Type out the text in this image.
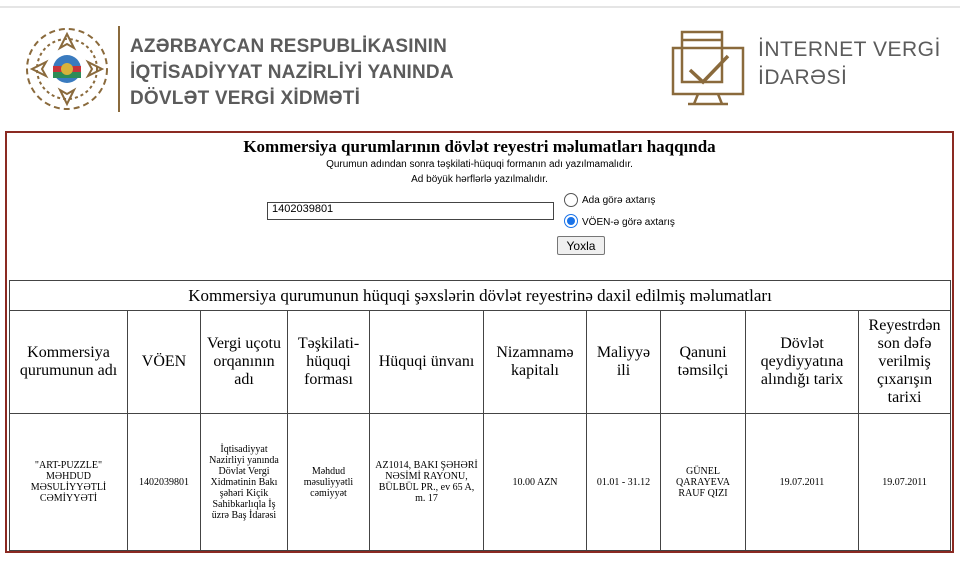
AZƏRBAYCAN RESPUBLİKASININ
İQTİSADİYYAT NAZİRLİYİ YANINDA
DÖVLƏT VERGİ XİDMƏTİ
İNTERNET VERGİ
İDARƏSİ
Kommersiya qurumlarının dövlət reyestri məlumatları haqqında
Qurumun adından sonra təşkilati-hüquqi formanın adı yazılmamalıdır.
Ad böyük hərflərlə yazılmalıdır.
1402039801
Ada görə axtarış
VÖEN-ə görə axtarış
Yoxla
Kommersiya qurumunun hüquqi şəxslərin dövlət reyestrinə daxil edilmiş məlumatları									
Kommersiya qurumunun adı	VÖEN	Vergi uçotu orqanının adı	Təşkilati-hüquqi forması	Hüquqi ünvanı	Nizamnamə kapitalı	Maliyyə ili	Qanuni təmsilçi	Dövlət qeydiyyatına alındığı tarix	Reyestrdən son dəfə verilmiş çıxarışın tarixi
"ART-PUZZLE" MƏHDUD MƏSULİYYƏTLİ CƏMİYYƏTİ	1402039801	İqtisadiyyat Nazirliyi yanında Dövlət Vergi Xidmətinin Bakı şəhəri Kiçik Sahibkarlıqla İş üzrə Baş İdarəsi	Məhdud məsuliyyətli cəmiyyət	AZ1014, BAKI ŞƏHƏRİ NƏSİMİ RAYONU, BÜLBÜL PR., ev 65 A, m. 17	10.00 AZN	01.01 - 31.12	GÜNEL QARAYEVA RAUF QIZI	19.07.2011	19.07.2011
